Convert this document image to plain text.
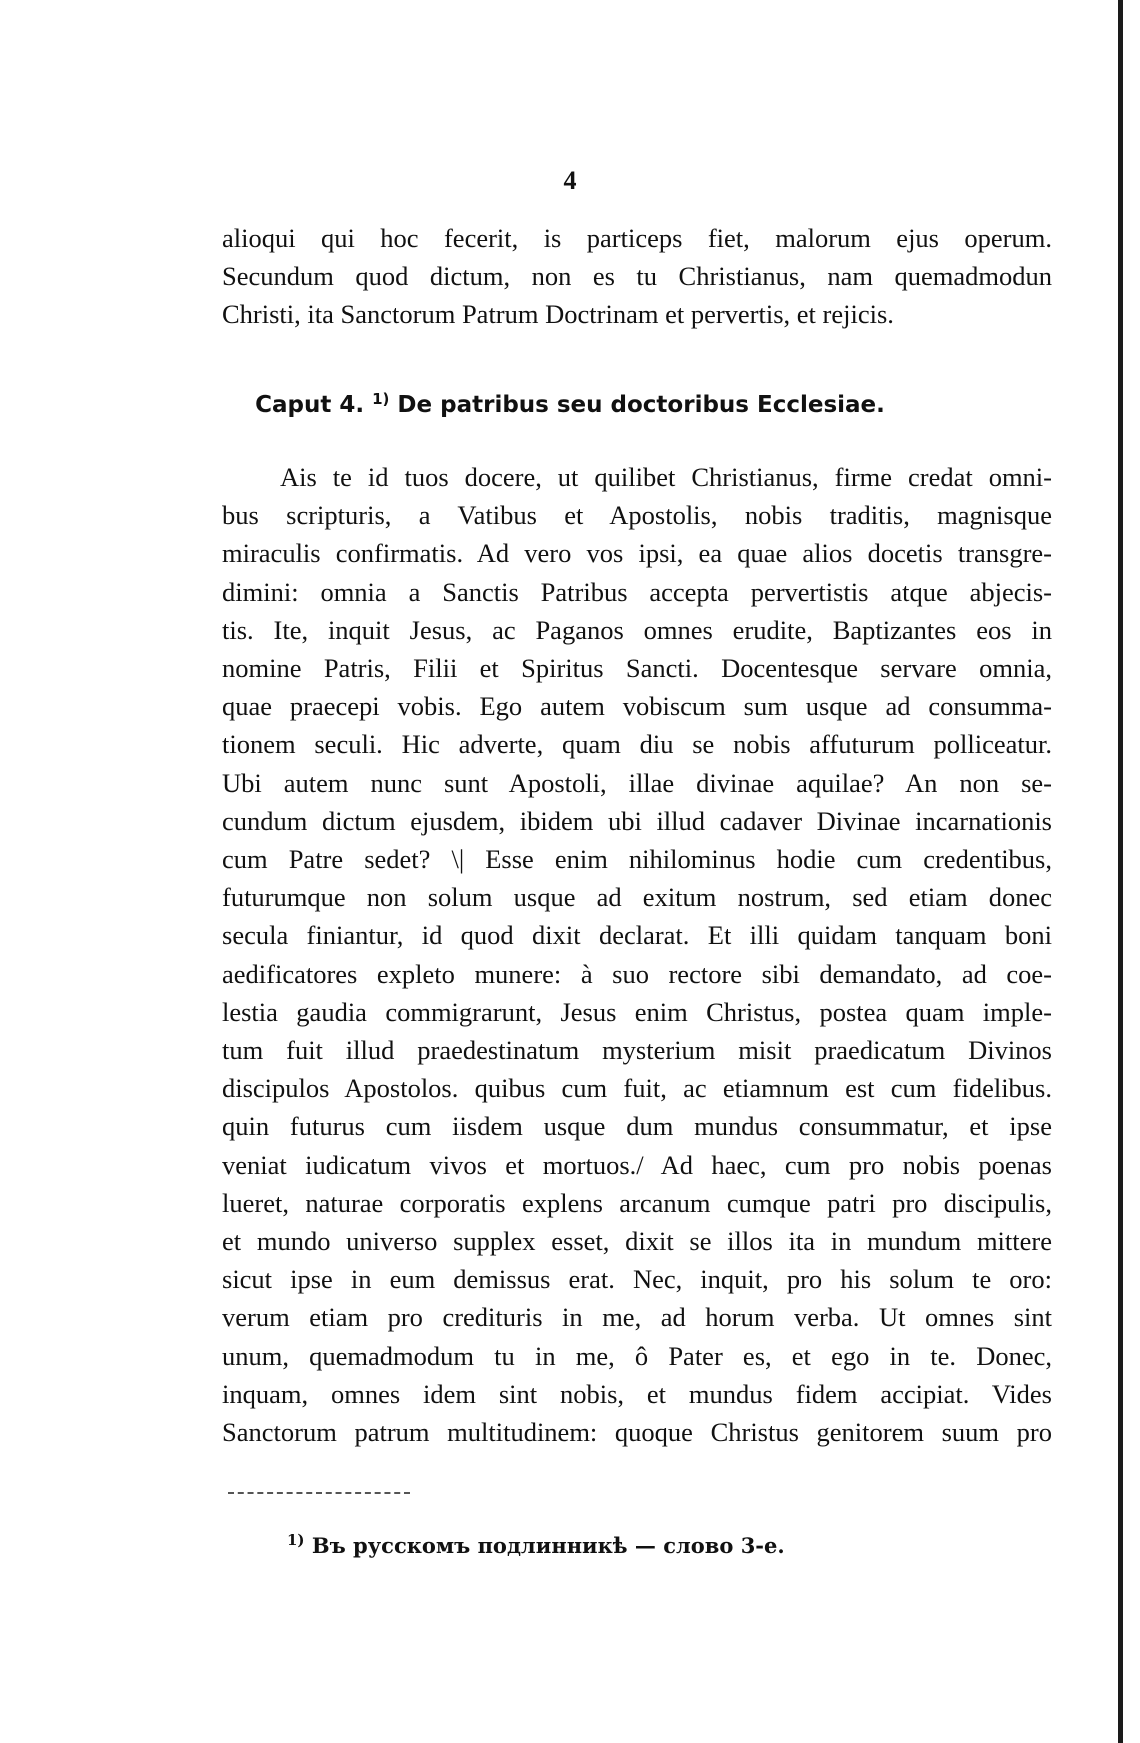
4
alioqui qui hoc fecerit, is particeps fiet, malorum ejus operum.
Secundum quod dictum, non es tu Christianus, nam quemadmodun
Christi, ita Sanctorum Patrum Doctrinam et pervertis, et rejicis.
Caput 4. $^{1)}$ De patribus seu doctoribus Ecclesiae.
Ais te id tuos docere, ut quilibet Christianus, firme credat omni-
bus scripturis, a Vatibus et Apostolis, nobis traditis, magnisque
miraculis confirmatis. Ad vero vos ipsi, ea quae alios docetis transgre-
dimini: omnia a Sanctis Patribus accepta pervertistis atque abjecis-
tis. Ite, inquit Jesus, ac Paganos omnes erudite, Baptizantes eos in
nomine Patris, Filii et Spiritus Sancti. Docentesque servare omnia,
quae praecepi vobis. Ego autem vobiscum sum usque ad consumma-
tionem seculi. Hic adverte, quam diu se nobis affuturum polliceatur.
Ubi autem nunc sunt Apostoli, illae divinae aquilae? An non se-
cundum dictum ejusdem, ibidem ubi illud cadaver Divinae incarnationis
cum Patre sedet? \| Esse enim nihilominus hodie cum credentibus,
futurumque non solum usque ad exitum nostrum, sed etiam donec
secula finiantur, id quod dixit declarat. Et illi quidam tanquam boni
aedificatores expleto munere: à suo rectore sibi demandato, ad coe-
lestia gaudia commigrarunt, Jesus enim Christus, postea quam imple-
tum fuit illud praedestinatum mysterium misit praedicatum Divinos
discipulos Apostolos. quibus cum fuit, ac etiamnum est cum fidelibus.
quin futurus cum iisdem usque dum mundus consummatur, et ipse
veniat iudicatum vivos et mortuos./ Ad haec, cum pro nobis poenas
lueret, naturae corporatis explens arcanum cumque patri pro discipulis,
et mundo universo supplex esset, dixit se illos ita in mundum mittere
sicut ipse in eum demissus erat. Nec, inquit, pro his solum te oro:
verum etiam pro credituris in me, ad horum verba. Ut omnes sint
unum, quemadmodum tu in me, ô Pater es, et ego in te. Donec,
inquam, omnes idem sint nobis, et mundus fidem accipiat. Vides
Sanctorum patrum multitudinem: quoque Christus genitorem suum pro
$^{1)}$ Въ русскомъ подлинникѣ — слово 3-е.
